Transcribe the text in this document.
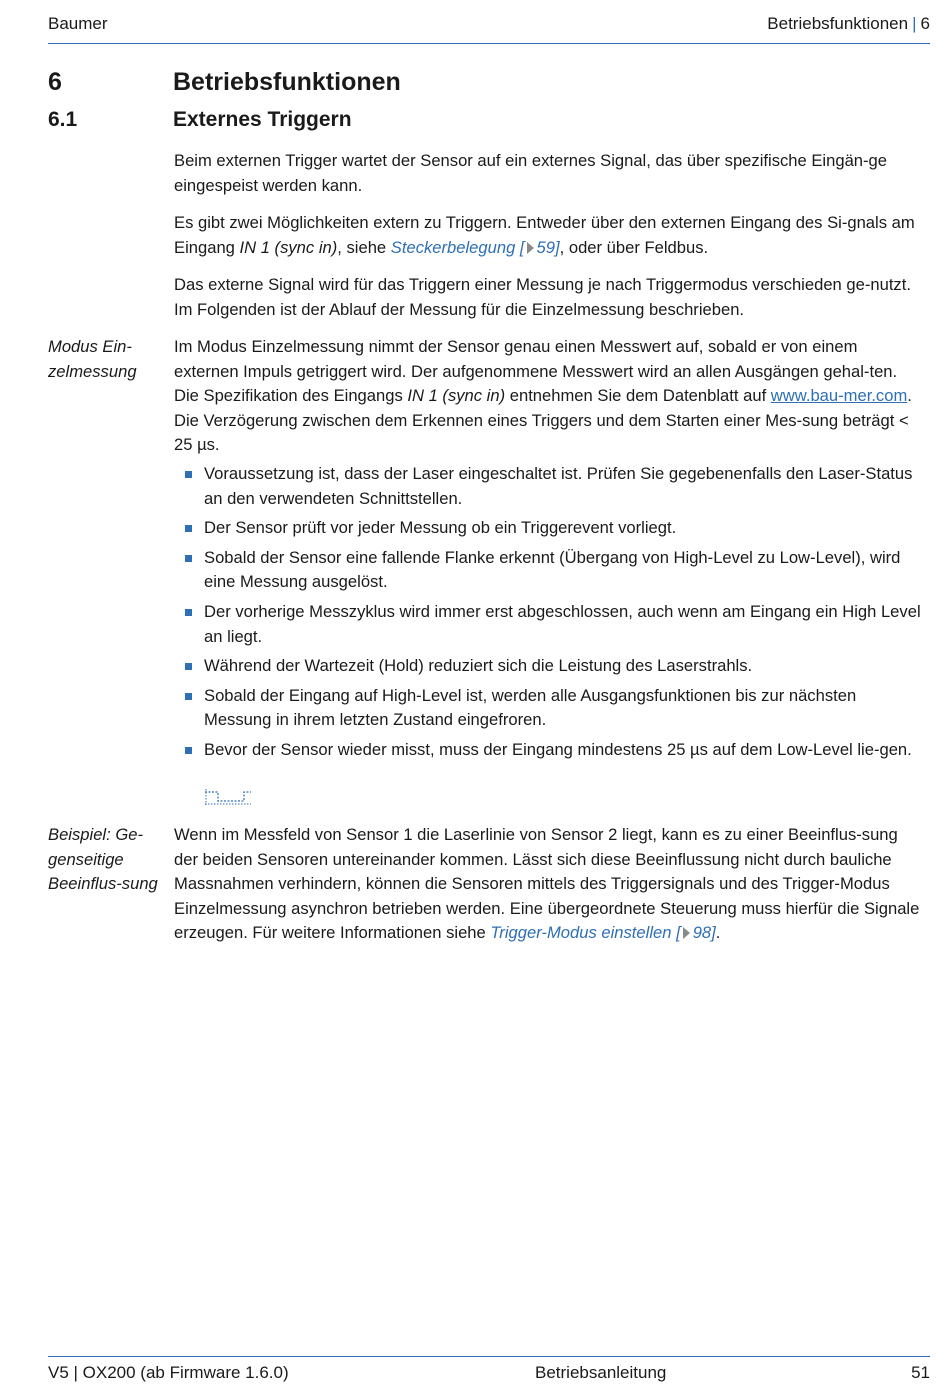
Baumer	Betriebsfunktionen | 6
6	Betriebsfunktionen
6.1	Externes Triggern

Beim externen Trigger wartet der Sensor auf ein externes Signal, das über spezifische Eingän-ge eingespeist werden kann.

Es gibt zwei Möglichkeiten extern zu Triggern. Entweder über den externen Eingang des Si-gnals am Eingang IN 1 (sync in), siehe Steckerbelegung [ 59], oder über Feldbus.

Das externe Signal wird für das Triggern einer Messung je nach Triggermodus verschieden ge-nutzt. Im Folgenden ist der Ablauf der Messung für die Einzelmessung beschrieben.

Modus Ein-zelmessung

Im Modus Einzelmessung nimmt der Sensor genau einen Messwert auf, sobald er von einem externen Impuls getriggert wird. Der aufgenommene Messwert wird an allen Ausgängen gehal-ten. Die Spezifikation des Eingangs IN 1 (sync in) entnehmen Sie dem Datenblatt auf www.bau-mer.com. Die Verzögerung zwischen dem Erkennen eines Triggers und dem Starten einer Mes-sung beträgt < 25 µs.

Voraussetzung ist, dass der Laser eingeschaltet ist. Prüfen Sie gegebenenfalls den Laser-Status an den verwendeten Schnittstellen.
Der Sensor prüft vor jeder Messung ob ein Triggerevent vorliegt.
Sobald der Sensor eine fallende Flanke erkennt (Übergang von High-Level zu Low-Level), wird eine Messung ausgelöst.
Der vorherige Messzyklus wird immer erst abgeschlossen, auch wenn am Eingang ein High Level an liegt.
Während der Wartezeit (Hold) reduziert sich die Leistung des Laserstrahls.
Sobald der Eingang auf High-Level ist, werden alle Ausgangsfunktionen bis zur nächsten Messung in ihrem letzten Zustand eingefroren.
Bevor der Sensor wieder misst, muss der Eingang mindestens 25 µs auf dem Low-Level lie-gen.

Beispiel: Ge-genseitige Beeinflus-sung

Wenn im Messfeld von Sensor 1 die Laserlinie von Sensor 2 liegt, kann es zu einer Beeinflus-sung der beiden Sensoren untereinander kommen. Lässt sich diese Beeinflussung nicht durch bauliche Massnahmen verhindern, können die Sensoren mittels des Triggersignals und des Trigger-Modus Einzelmessung asynchron betrieben werden. Eine übergeordnete Steuerung muss hierfür die Signale erzeugen. Für weitere Informationen siehe Trigger-Modus einstellen [ 98].

V5 | OX200 (ab Firmware 1.6.0)	Betriebsanleitung	51
